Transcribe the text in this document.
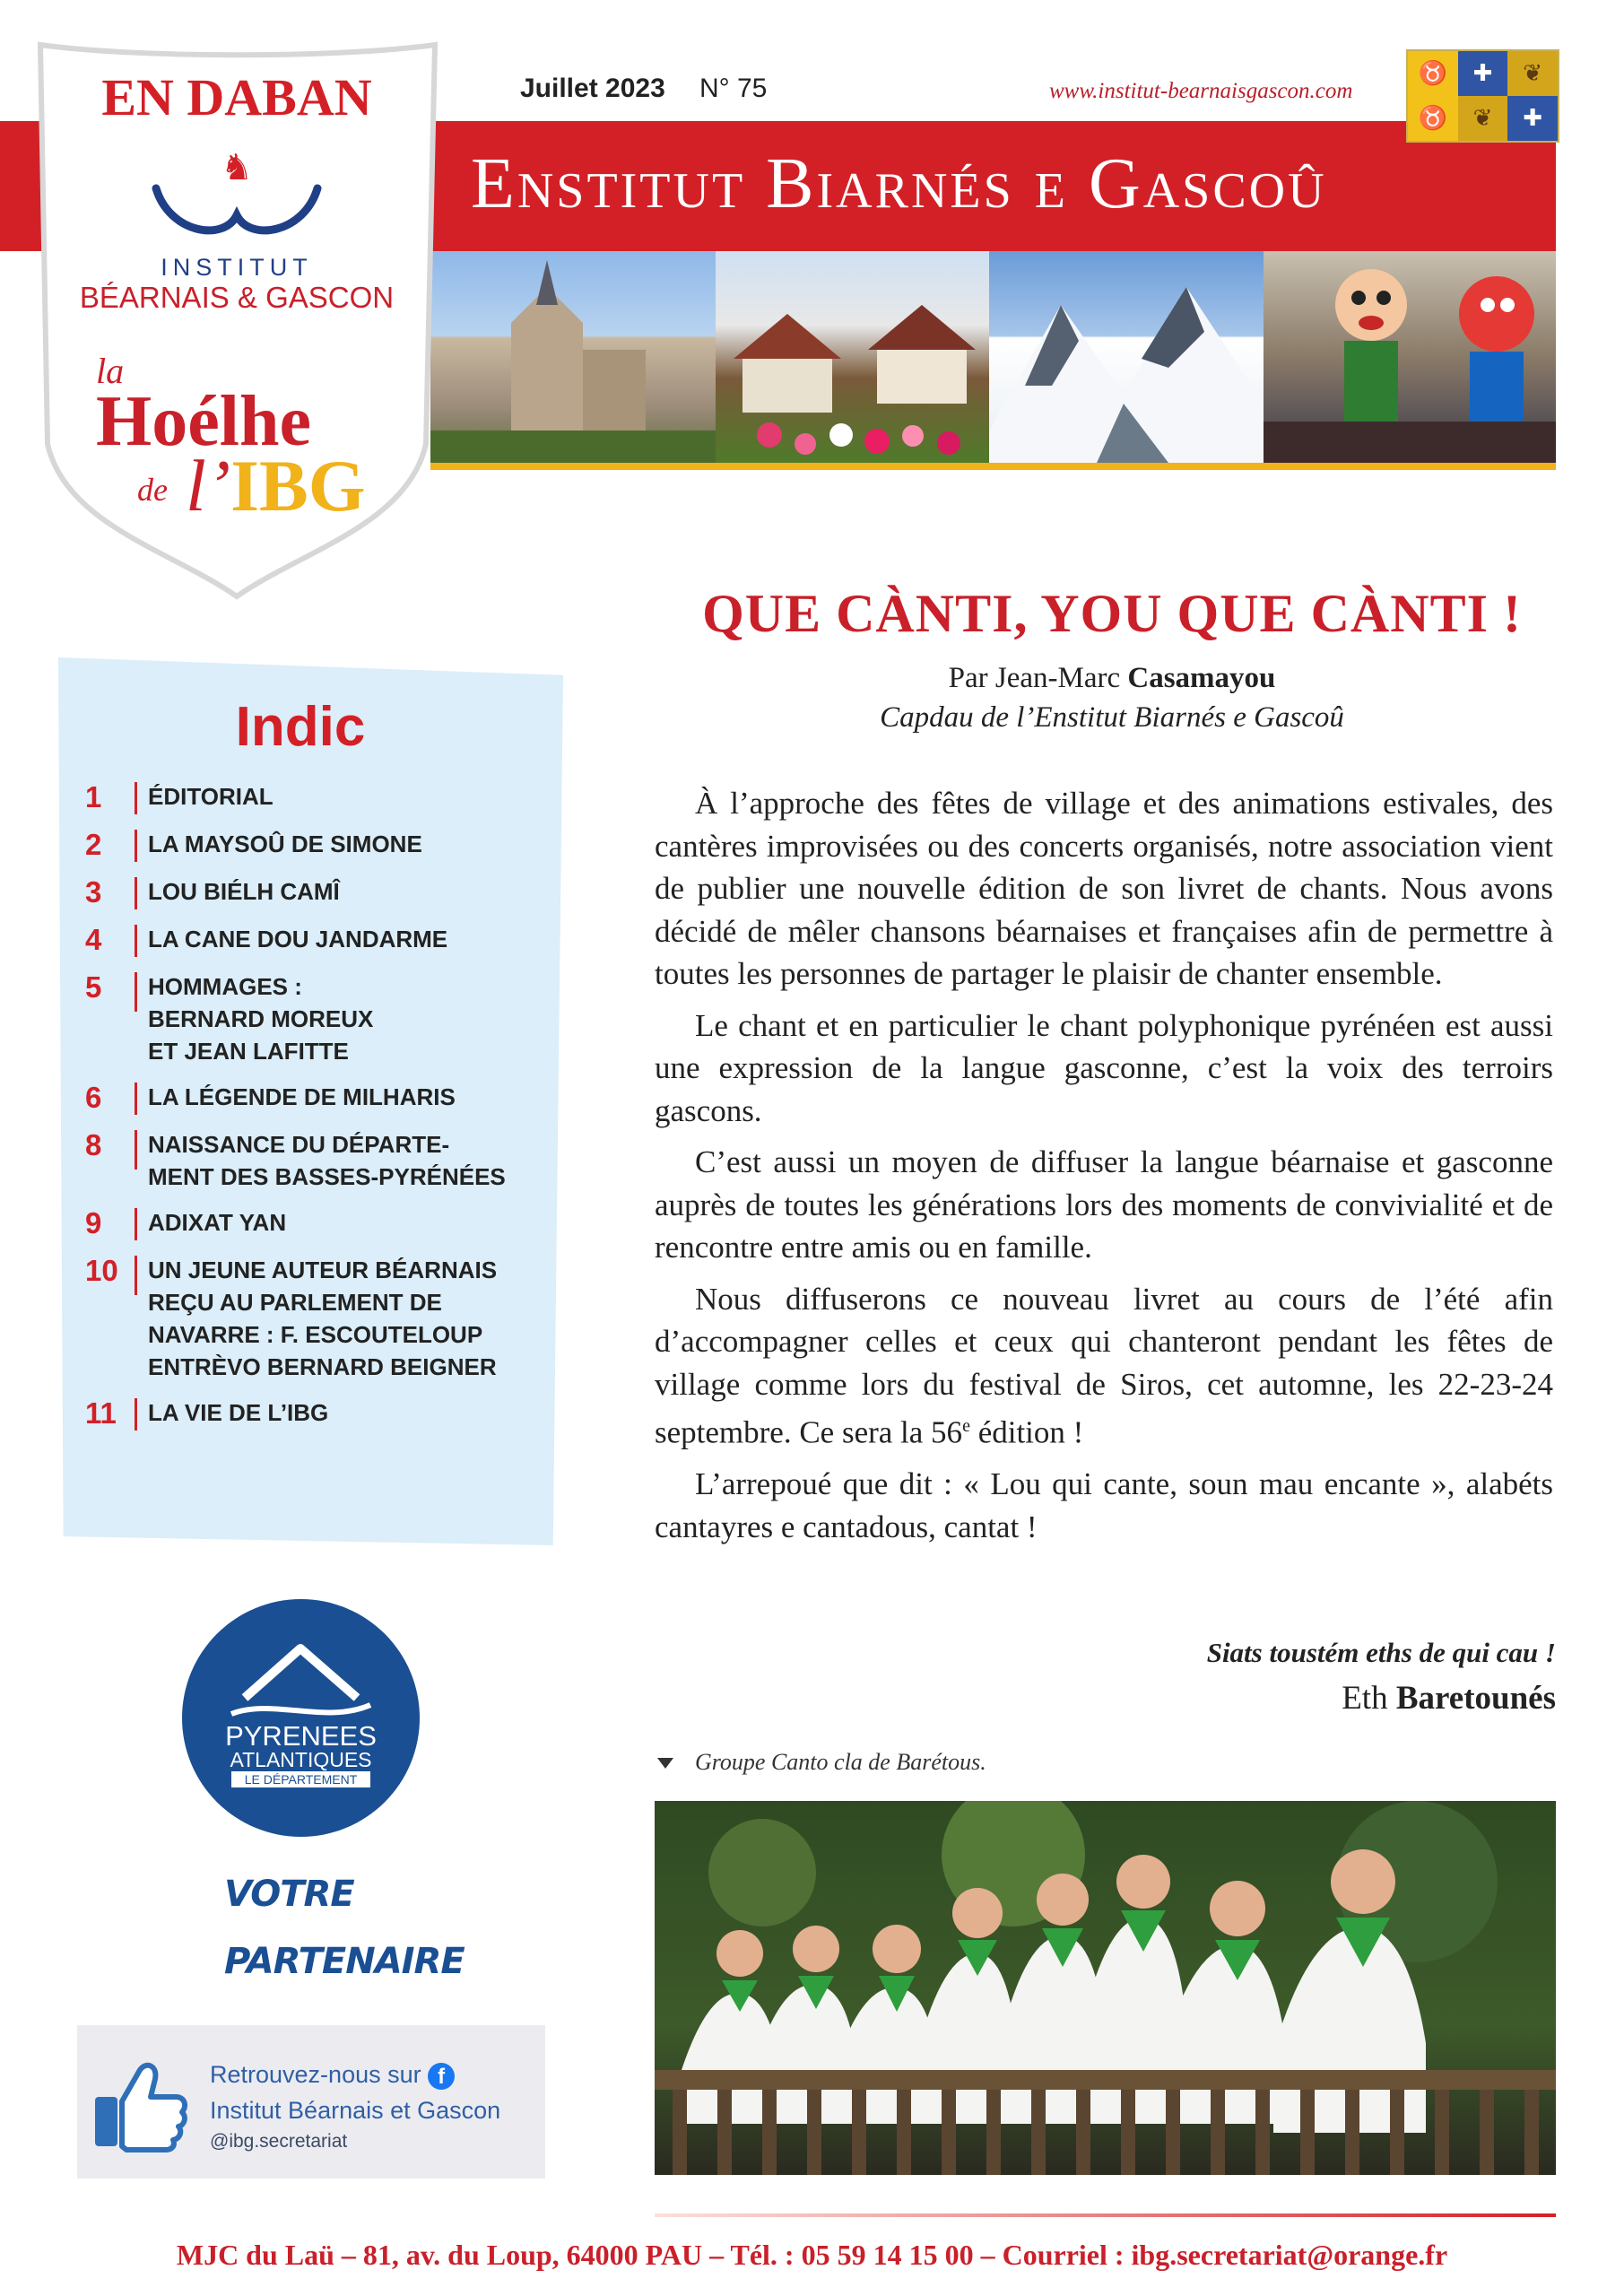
Juillet 2023 N° 75	www.institut-bearnaisgascon.com
Enstitut Biarnés e Gascoû
♉	✚	❦
♉	❦	✚
EN DABAN
♞
INSTITUT
BÉARNAIS & GASCON
la
Hoélhe
de l’IBG
Indic
1	ÉDITORIAL
2	LA MAYSOÛ DE SIMONE
3	LOU BIÉLH CAMÎ
4	LA CANE DOU JANDARME
5	HOMMAGES :
BERNARD MOREUX
ET JEAN LAFITTE
6	LA LÉGENDE DE MILHARIS
8	NAISSANCE DU DÉPARTE-
MENT DES BASSES-PYRÉNÉES
9	ADIXAT YAN
10	UN JEUNE AUTEUR BÉARNAIS
REÇU AU PARLEMENT DE
NAVARRE : F. ESCOUTELOUP
ENTRÈVO BERNARD BEIGNER
11	LA VIE DE L’IBG
PYRENEES
ATLANTIQUES
LE DÉPARTEMENT
VOTRE
PARTENAIRE
Retrouvez-nous sur f
Institut Béarnais et Gascon
@ibg.secretariat
QUE CÀNTI, YOU QUE CÀNTI !
Par Jean-Marc Casamayou
Capdau de l’Enstitut Biarnés e Gascoû

À l’approche des fêtes de village et des animations estivales, des cantères improvisées ou des concerts organisés, notre association vient de publier une nouvelle édition de son livret de chants. Nous avons décidé de mêler chansons béarnaises et françaises afin de permettre à toutes les personnes de partager le plaisir de chanter ensemble.

Le chant et en particulier le chant polyphonique pyrénéen est aussi une expression de la langue gasconne, c’est la voix des terroirs gascons.

C’est aussi un moyen de diffuser la langue béarnaise et gasconne auprès de toutes les générations lors des moments de convivialité et de rencontre entre amis ou en famille.

Nous diffuserons ce nouveau livret au cours de l’été afin d’accompagner celles et ceux qui chanteront pendant les fêtes de village comme lors du festival de Siros, cet automne, les 22-23-24 septembre. Ce sera la 56e édition !

L’arrepoué que dit : « Lou qui cante, soun mau encante », alabéts cantayres e cantadous, cantat !

Siats toustém eths de qui cau !
Eth Baretounés
Groupe Canto cla de Barétous.
MJC du Laü – 81, av. du Loup, 64000 PAU – Tél. : 05 59 14 15 00 – Courriel : ibg.secretariat@orange.fr
